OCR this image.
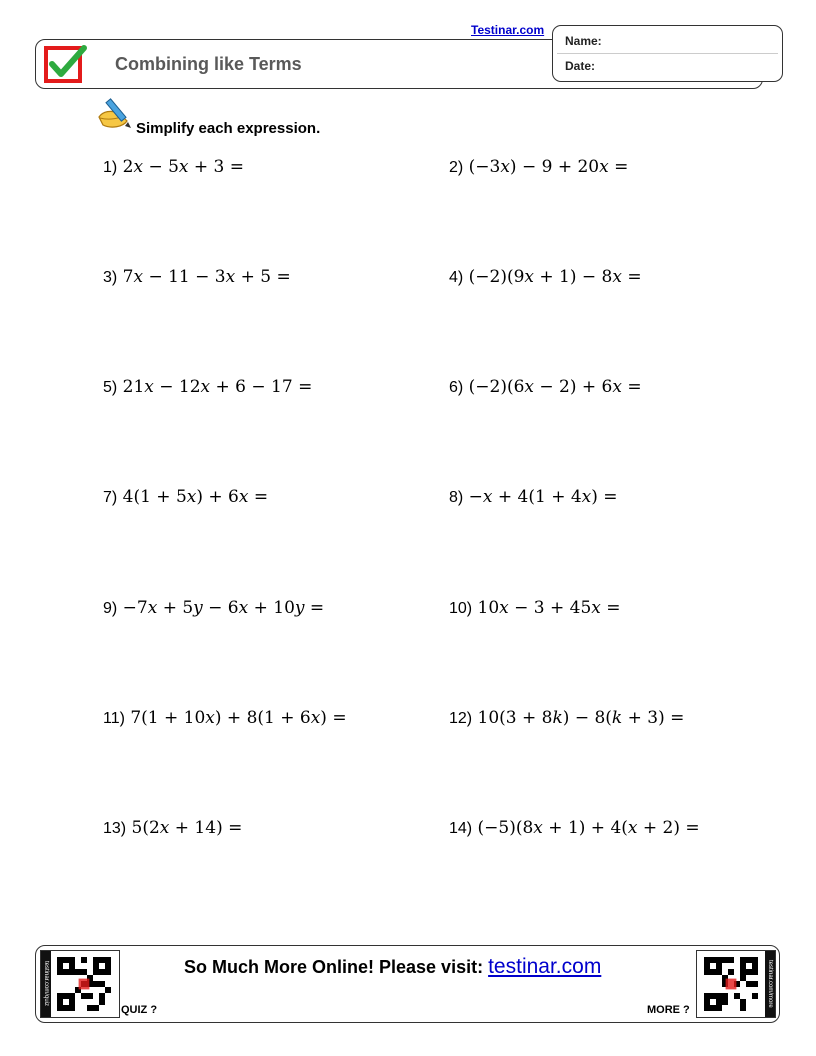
Combining like Terms
Testinar.com
Name:
Date:
Simplify each expression.
1) 2𝑥 − 5𝑥 + 3 =	2) (−3𝑥) − 9 + 20𝑥 =
3) 7𝑥 − 11 − 3𝑥 + 5 =	4) (−2)(9𝑥 + 1) − 8𝑥 =
5) 21𝑥 − 12𝑥 + 6 − 17 =	6) (−2)(6𝑥 − 2) + 6𝑥 =
7) 4(1 + 5𝑥) + 6𝑥 =	8) −𝑥 + 4(1 + 4𝑥) =
9) −7𝑥 + 5𝑦 − 6𝑥 + 10𝑦 =	10) 10𝑥 − 3 + 45𝑥 =
11) 7(1 + 10𝑥) + 8(1 + 6𝑥) =	12) 10(3 + 8𝑘) − 8(𝑘 + 3) =
13) 5(2𝑥 + 14) =	14) (−5)(8𝑥 + 1) + 4(𝑥 + 2) =
testinar.com/quiz
QUIZ ?
So Much More Online! Please visit: testinar.com
MORE ?
testinar.com/more
